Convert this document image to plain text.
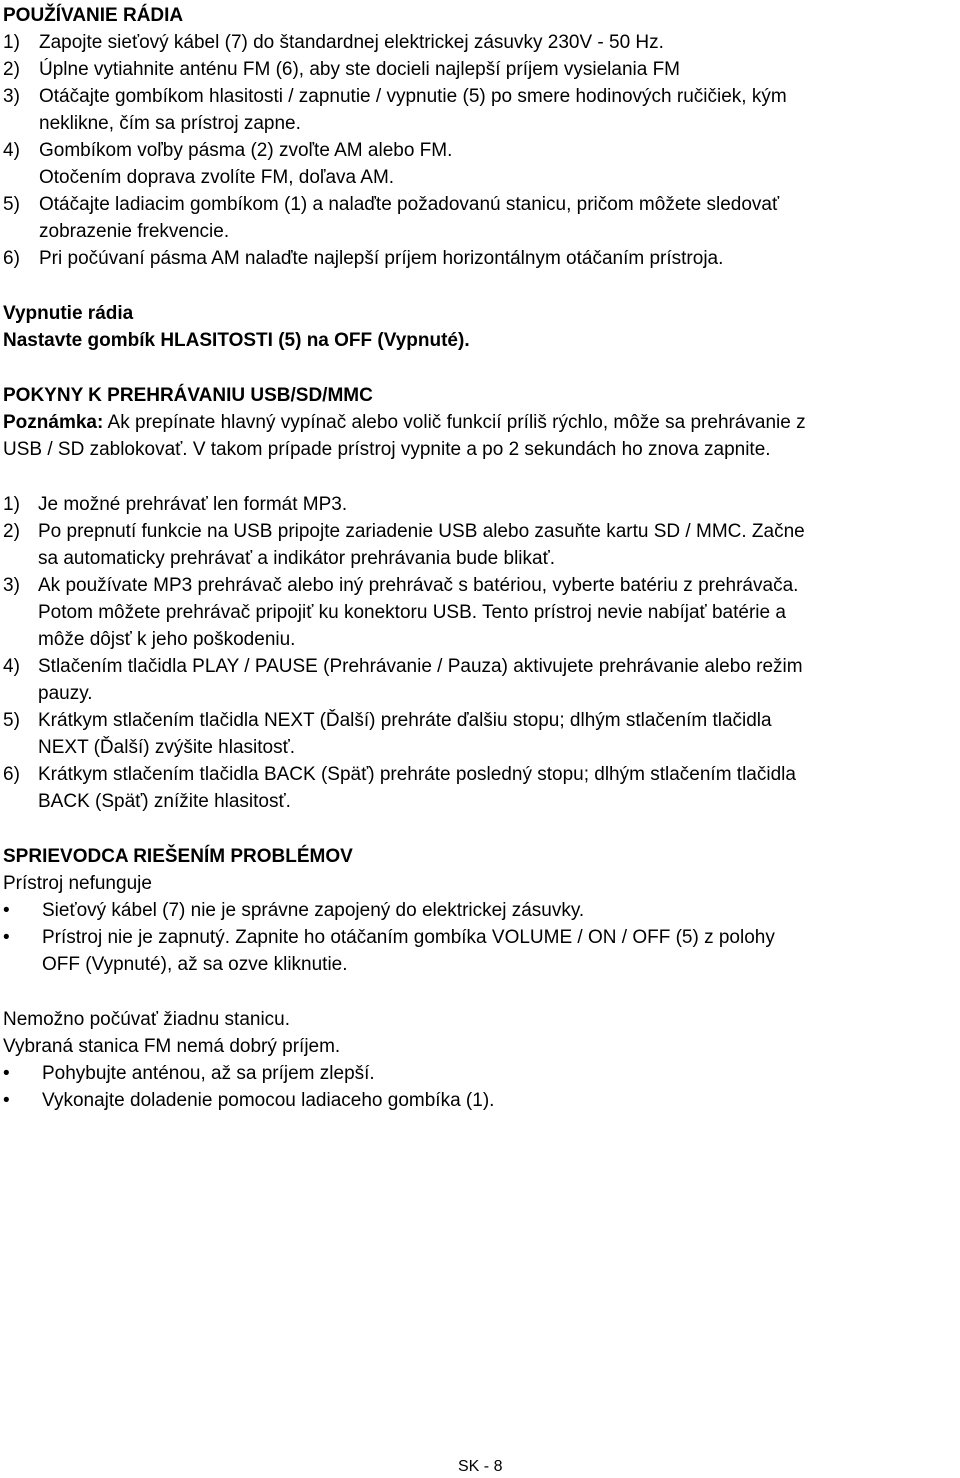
POUŽÍVANIE RÁDIA
1) Zapojte sieťový kábel (7) do štandardnej elektrickej zásuvky 230V - 50 Hz.
2) Úplne vytiahnite anténu FM (6), aby ste docieli najlepší príjem vysielania FM
3) Otáčajte gombíkom hlasitosti / zapnutie / vypnutie (5) po smere hodinových ručičiek, kým
neklikne, čím sa prístroj zapne.
4) Gombíkom voľby pásma (2) zvoľte AM alebo FM.
Otočením doprava zvolíte FM, doľava AM.
5) Otáčajte ladiacim gombíkom (1) a nalaďte požadovanú stanicu, pričom môžete sledovať
zobrazenie frekvencie.
6) Pri počúvaní pásma AM nalaďte najlepší príjem horizontálnym otáčaním prístroja.
Vypnutie rádia
Nastavte gombík HLASITOSTI (5) na OFF (Vypnuté).
POKYNY K PREHRÁVANIU USB/SD/MMC
Poznámka: Ak prepínate hlavný vypínač alebo volič funkcií príliš rýchlo, môže sa prehrávanie z
USB / SD zablokovať. V takom prípade prístroj vypnite a po 2 sekundách ho znova zapnite.
1) Je možné prehrávať len formát MP3.
2) Po prepnutí funkcie na USB pripojte zariadenie USB alebo zasuňte kartu SD / MMC. Začne
sa automaticky prehrávať a indikátor prehrávania bude blikať.
3) Ak používate MP3 prehrávač alebo iný prehrávač s batériou, vyberte batériu z prehrávača.
Potom môžete prehrávač pripojiť ku konektoru USB. Tento prístroj nevie nabíjať batérie a
môže dôjsť k jeho poškodeniu.
4) Stlačením tlačidla PLAY / PAUSE (Prehrávanie / Pauza) aktivujete prehrávanie alebo režim
pauzy.
5) Krátkym stlačením tlačidla NEXT (Ďalší) prehráte ďalšiu stopu; dlhým stlačením tlačidla
NEXT (Ďalší) zvýšite hlasitosť.
6) Krátkym stlačením tlačidla BACK (Späť) prehráte posledný stopu; dlhým stlačením tlačidla
BACK (Späť) znížite hlasitosť.
SPRIEVODCA RIEŠENÍM PROBLÉMOV
Prístroj nefunguje
• Sieťový kábel (7) nie je správne zapojený do elektrickej zásuvky.
• Prístroj nie je zapnutý. Zapnite ho otáčaním gombíka VOLUME / ON / OFF (5) z polohy
OFF (Vypnuté), až sa ozve kliknutie.
Nemožno počúvať žiadnu stanicu.
Vybraná stanica FM nemá dobrý príjem.
• Pohybujte anténou, až sa príjem zlepší.
• Vykonajte doladenie pomocou ladiaceho gombíka (1).
SK - 8
